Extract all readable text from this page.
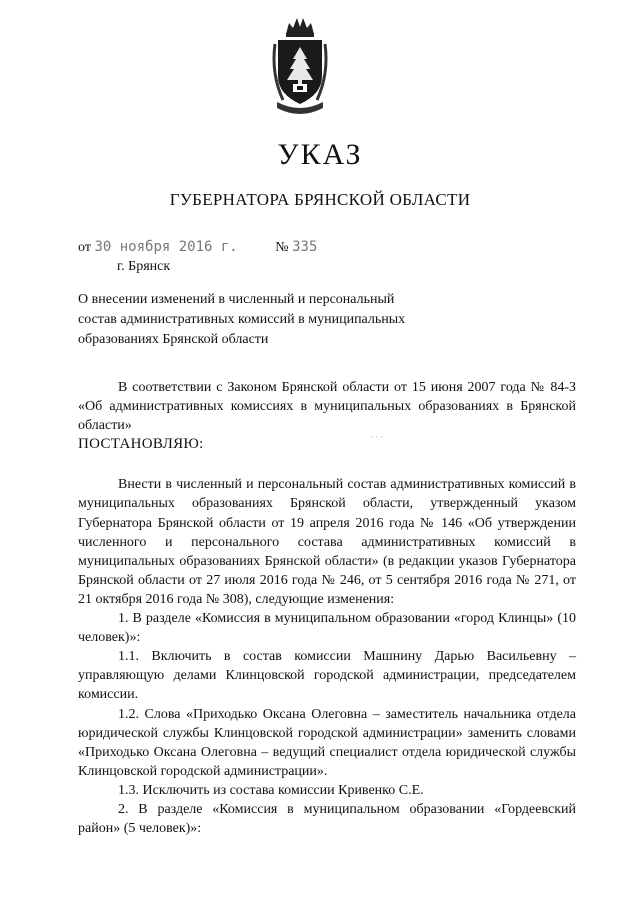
УКАЗ
ГУБЕРНАТОРА БРЯНСКОЙ ОБЛАСТИ
от 30 ноября 2016 г.	№ 335
г. Брянск
О внесении изменений в численный и персональный
состав административных комиссий в муниципальных
образованиях Брянской области
· · ·

В соответствии с Законом Брянской области от 15 июня 2007 года № 84-З «Об административных комиссиях в муниципальных образованиях в Брянской области»

ПОСТАНОВЛЯЮ:

Внести в численный и персональный состав административных комиссий в муниципальных образованиях Брянской области, утвержденный указом Губернатора Брянской области от 19 апреля 2016 года № 146 «Об утверждении численного и персонального состава административных комиссий в муниципальных образованиях Брянской области» (в редакции указов Губернатора Брянской области от 27 июля 2016 года № 246, от 5 сентября 2016 года № 271, от 21 октября 2016 года № 308), следующие изменения:

1. В разделе «Комиссия в муниципальном образовании «город Клинцы» (10 человек)»:

1.1. Включить в состав комиссии Машнину Дарью Васильевну – управляющую делами Клинцовской городской администрации, председателем комиссии.

1.2. Слова «Приходько Оксана Олеговна – заместитель начальника отдела юридической службы Клинцовской городской администрации» заменить словами «Приходько Оксана Олеговна – ведущий специалист отдела юридической службы Клинцовской городской администрации».

1.3. Исключить из состава комиссии Кривенко С.Е.

2. В разделе «Комиссия в муниципальном образовании «Гордеевский район» (5 человек)»:
